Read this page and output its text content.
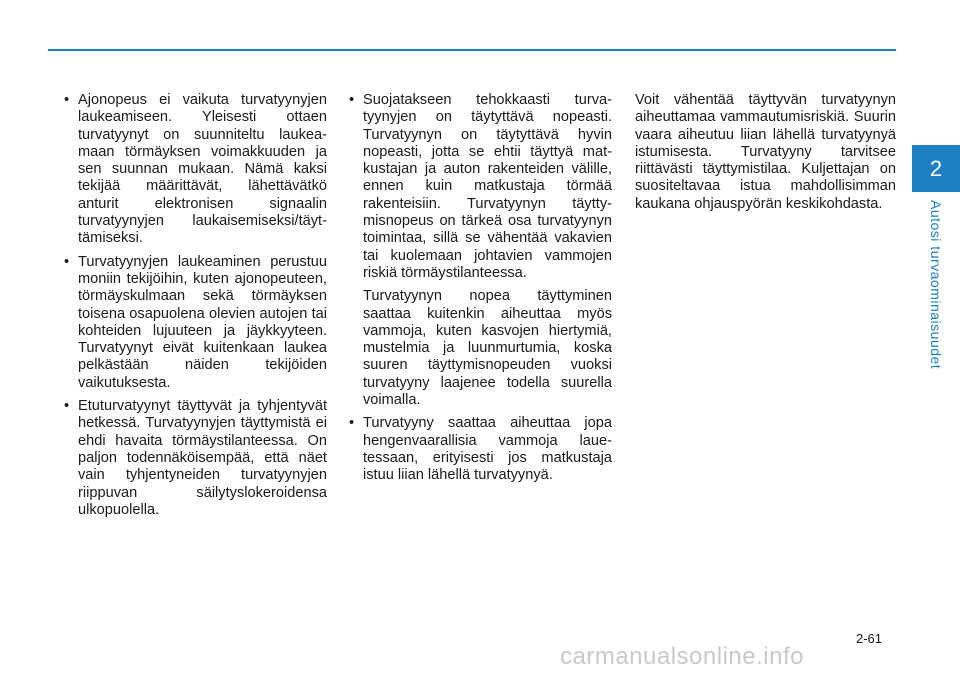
• Ajonopeus ei vaikuta turvatyynyjen laukeamiseen. Yleisesti ottaen turvatyynyt on suunniteltu laukeamaan törmäyksen voimakkuuden ja sen suunnan mukaan. Nämä kaksi tekijää määrittävät, lähettävätkö anturit elektronisen signaalin turvatyynyjen laukaisemiseksi/täyttämiseksi.

• Turvatyynyjen laukeaminen perustuu moniin tekijöihin, kuten ajonopeuteen, törmäyskulmaan sekä törmäyksen toisena osapuolena olevien autojen tai kohteiden lujuuteen ja jäykkyyteen. Turvatyynyt eivät kuitenkaan laukea pelkästään näiden tekijöiden vaikutuksesta.

• Etuturvatyynyt täyttyvät ja tyhjentyvät hetkessä. Turvatyynyjen täyttymistä ei ehdi havaita törmäystilanteessa. On paljon todennäköisempää, että näet vain tyhjentyneiden turvatyynyjen riippuvan säilytyslokeroidensa ulkopuolella.

• Suojatakseen tehokkaasti turvatyynyjen on täytyttävä nopeasti. Turvatyynyn on täytyttävä hyvin nopeasti, jotta se ehtii täyttyä matkustajan ja auton rakenteiden välille, ennen kuin matkustaja törmää rakenteisiin. Turvatyynyn täyttymisnopeus on tärkeä osa turvatyynyn toimintaa, sillä se vähentää vakavien tai kuolemaan johtavien vammojen riskiä törmäystilanteessa.

Turvatyynyn nopea täyttyminen saattaa kuitenkin aiheuttaa myös vammoja, kuten kasvojen hiertymiä, mustelmia ja luunmurtumia, koska suuren täyttymisnopeuden vuoksi turvatyyny laajenee todella suurella voimalla.

• Turvatyyny saattaa aiheuttaa jopa hengenvaarallisia vammoja lauetessaan, erityisesti jos matkustaja istuu liian lähellä turvatyynyä.

Voit vähentää täyttyvän turvatyynyn aiheuttamaa vammautumisriskiä. Suurin vaara aiheutuu liian lähellä turvatyynyä istumisesta. Turvatyyny tarvitsee riittävästi täyttymistilaa. Kuljettajan on suositeltavaa istua mahdollisimman kaukana ohjauspyörän keskikohdasta.

2
Autosi turvaominaisuudet
2-61
carmanualsonline.info
